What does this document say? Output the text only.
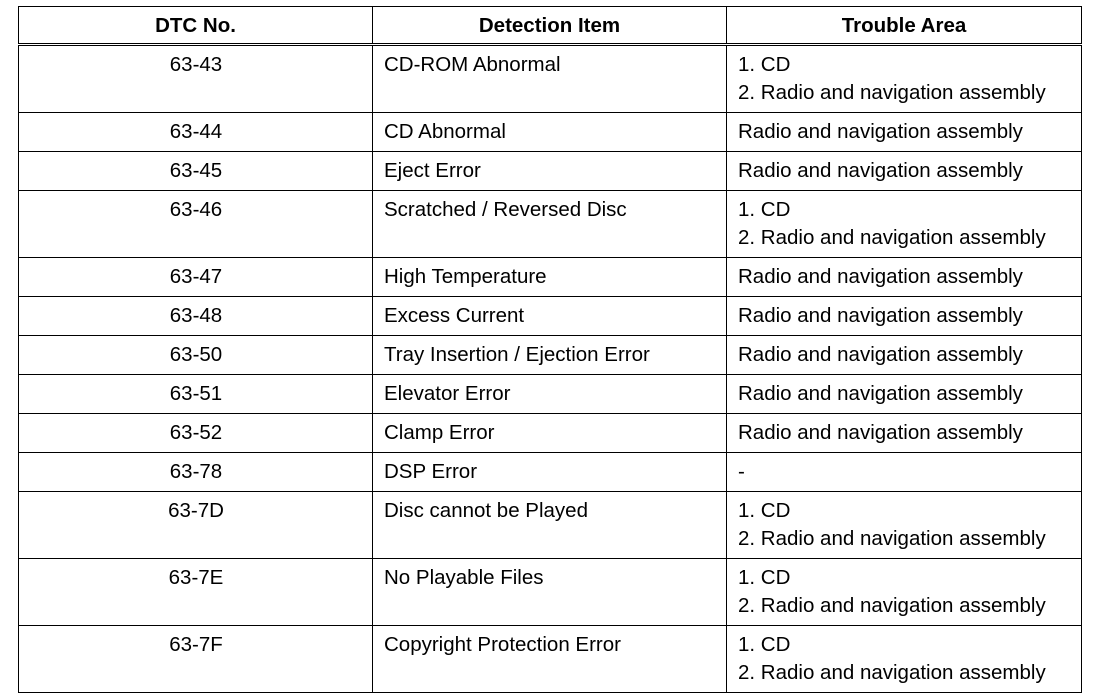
DTC No.	Detection Item	Trouble Area
63-43	CD-ROM Abnormal	1. CD
2. Radio and navigation assembly

63-44	CD Abnormal	Radio and navigation assembly

63-45	Eject Error	Radio and navigation assembly

63-46	Scratched / Reversed Disc	1. CD
2. Radio and navigation assembly

63-47	High Temperature	Radio and navigation assembly

63-48	Excess Current	Radio and navigation assembly

63-50	Tray Insertion / Ejection Error	Radio and navigation assembly

63-51	Elevator Error	Radio and navigation assembly

63-52	Clamp Error	Radio and navigation assembly

63-78	DSP Error	-

63-7D	Disc cannot be Played	1. CD
2. Radio and navigation assembly

63-7E	No Playable Files	1. CD
2. Radio and navigation assembly

63-7F	Copyright Protection Error	1. CD
2. Radio and navigation assembly
